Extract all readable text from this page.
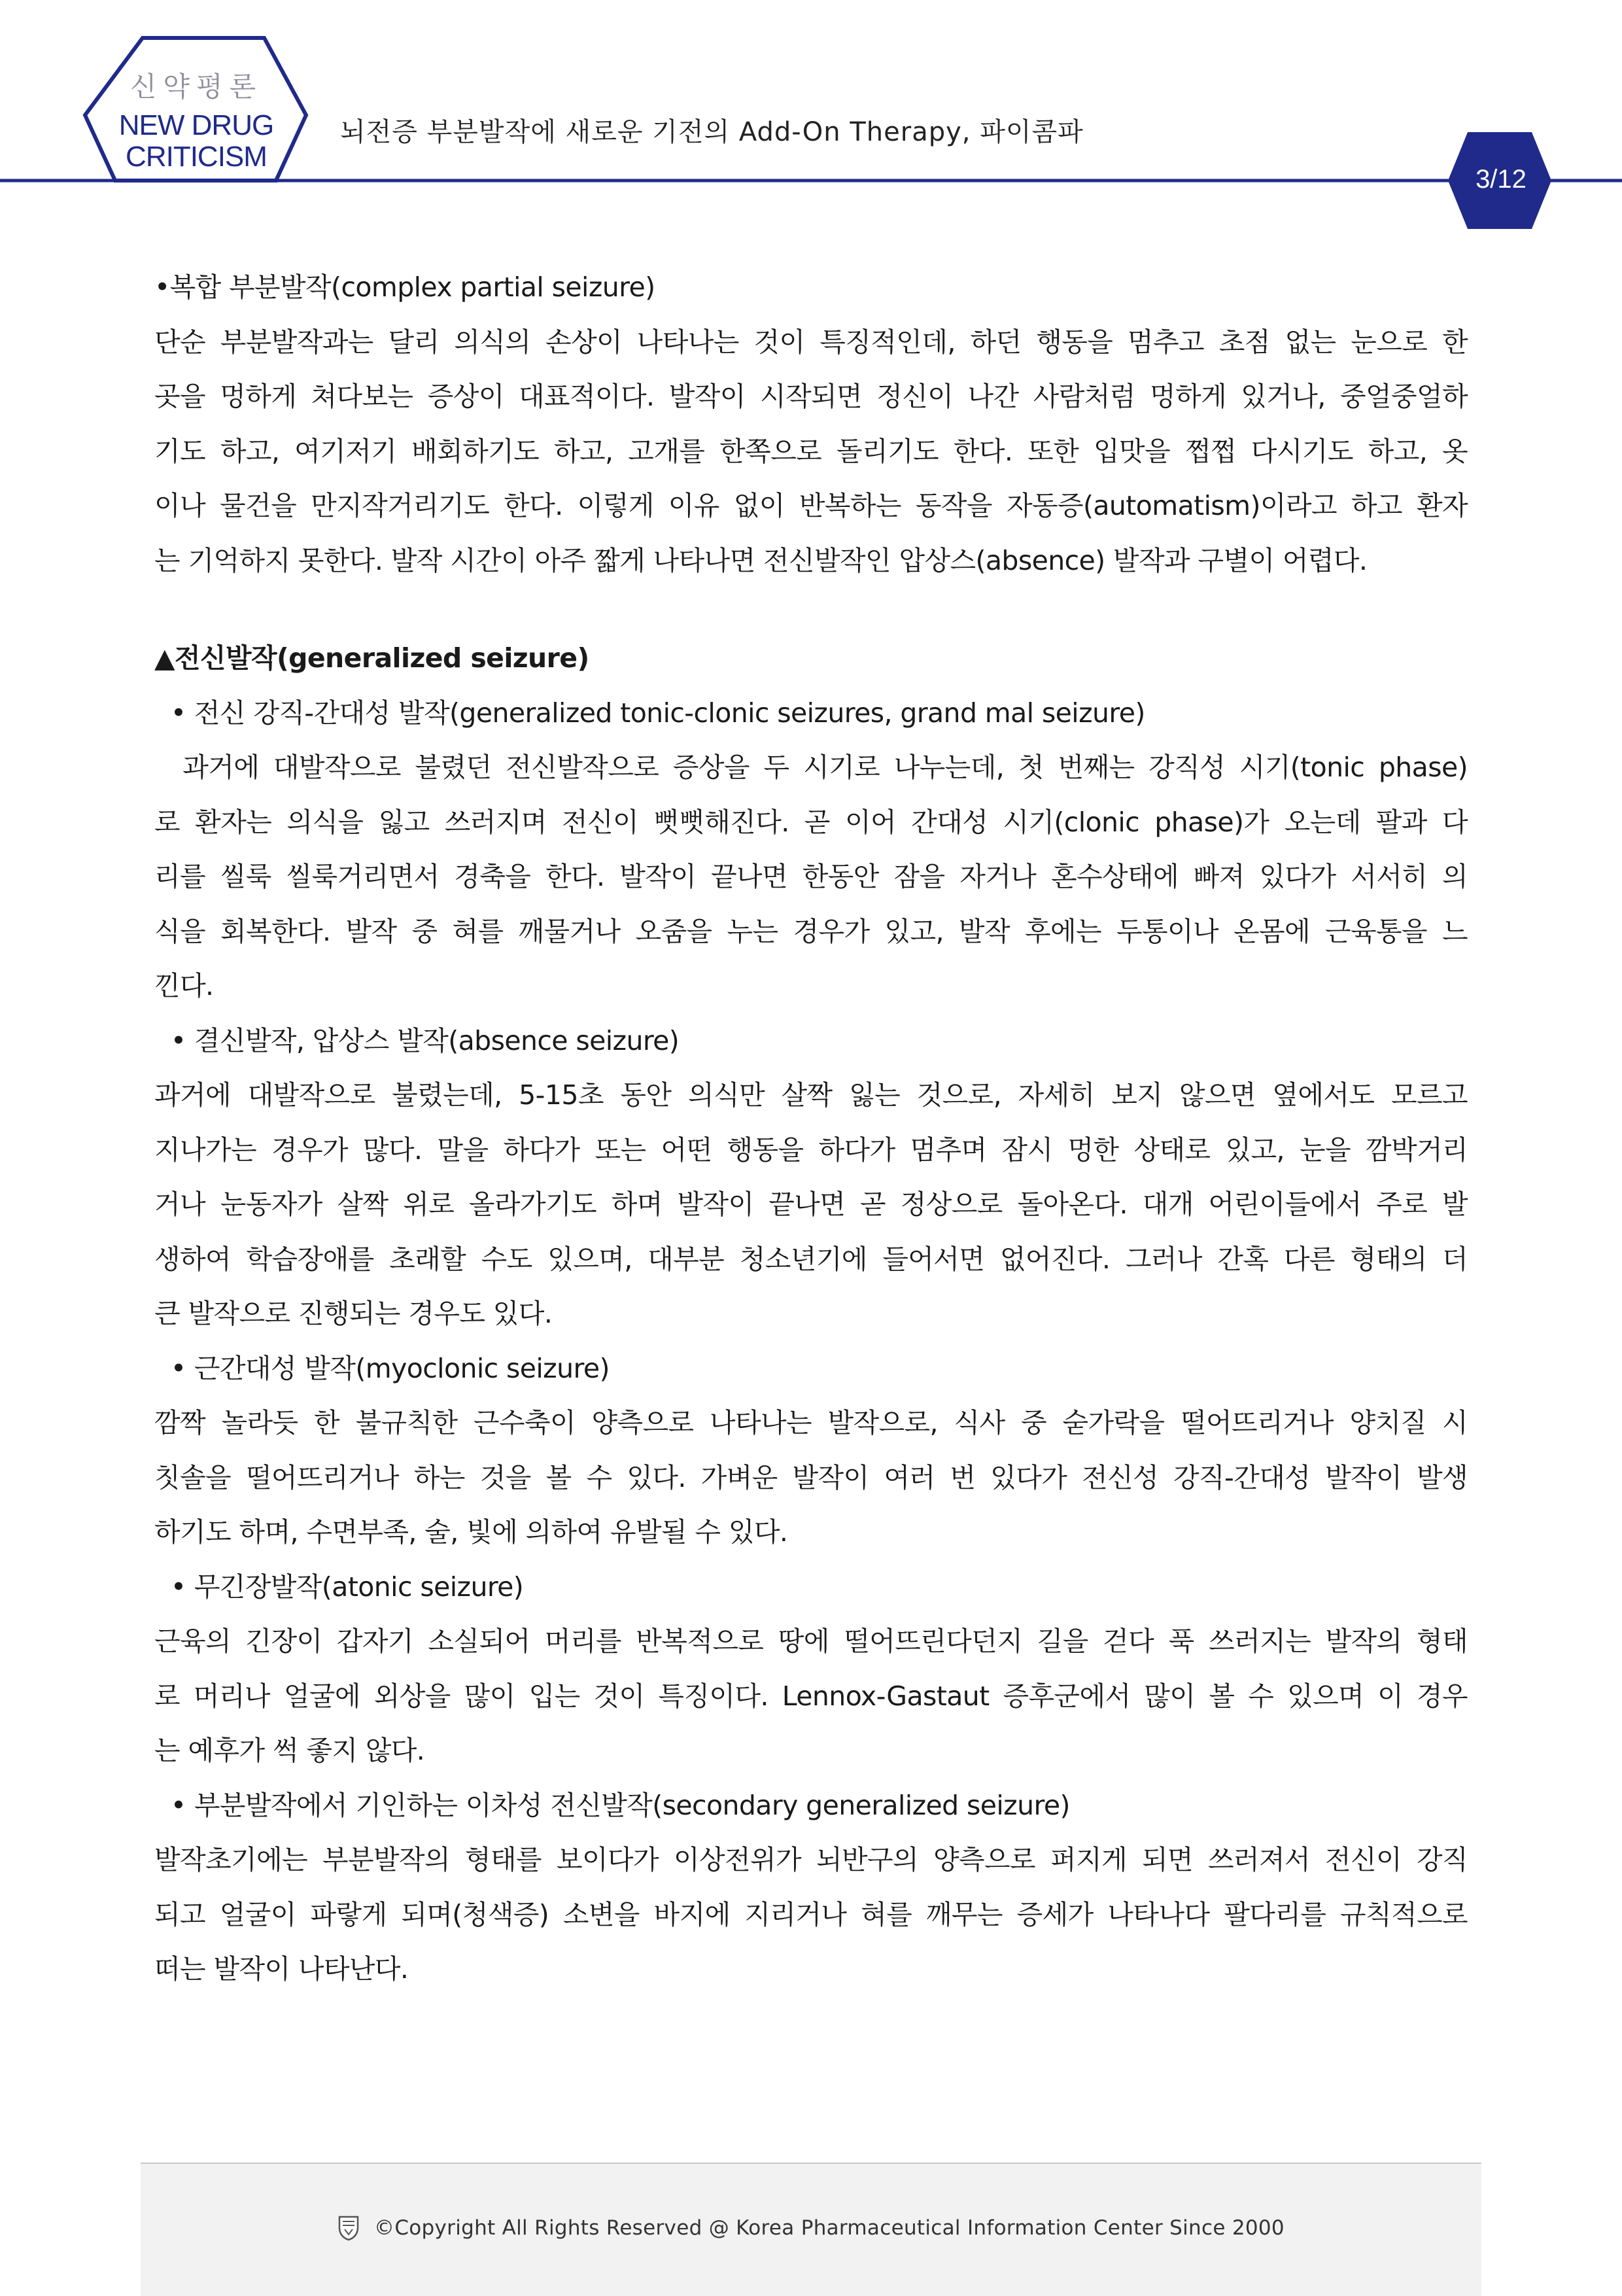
신약평론
NEW DRUG
CRITICISM
뇌전증 부분발작에 새로운 기전의 Add-On Therapy, 파이콤파
3/12

•복합 부분발작(complex partial seizure)

단순 부분발작과는 달리 의식의 손상이 나타나는 것이 특징적인데, 하던 행동을 멈추고 초점 없는 눈으로 한

곳을 멍하게 쳐다보는 증상이 대표적이다. 발작이 시작되면 정신이 나간 사람처럼 멍하게 있거나, 중얼중얼하

기도 하고, 여기저기 배회하기도 하고, 고개를 한쪽으로 돌리기도 한다. 또한 입맛을 쩝쩝 다시기도 하고, 옷

이나 물건을 만지작거리기도 한다. 이렇게 이유 없이 반복하는 동작을 자동증(automatism)이라고 하고 환자

는 기억하지 못한다. 발작 시간이 아주 짧게 나타나면 전신발작인 압상스(absence) 발작과 구별이 어렵다.

▲전신발작(generalized seizure)

• 전신 강직-간대성 발작(generalized tonic-clonic seizures, grand mal seizure)

과거에 대발작으로 불렸던 전신발작으로 증상을 두 시기로 나누는데, 첫 번째는 강직성 시기(tonic phase)

로 환자는 의식을 잃고 쓰러지며 전신이 뻣뻣해진다. 곧 이어 간대성 시기(clonic phase)가 오는데 팔과 다

리를 씰룩 씰룩거리면서 경축을 한다. 발작이 끝나면 한동안 잠을 자거나 혼수상태에 빠져 있다가 서서히 의

식을 회복한다. 발작 중 혀를 깨물거나 오줌을 누는 경우가 있고, 발작 후에는 두통이나 온몸에 근육통을 느

낀다.

• 결신발작, 압상스 발작(absence seizure)

과거에 대발작으로 불렸는데, 5-15초 동안 의식만 살짝 잃는 것으로, 자세히 보지 않으면 옆에서도 모르고

지나가는 경우가 많다. 말을 하다가 또는 어떤 행동을 하다가 멈추며 잠시 멍한 상태로 있고, 눈을 깜박거리

거나 눈동자가 살짝 위로 올라가기도 하며 발작이 끝나면 곧 정상으로 돌아온다. 대개 어린이들에서 주로 발

생하여 학습장애를 초래할 수도 있으며, 대부분 청소년기에 들어서면 없어진다. 그러나 간혹 다른 형태의 더

큰 발작으로 진행되는 경우도 있다.

• 근간대성 발작(myoclonic seizure)

깜짝 놀라듯 한 불규칙한 근수축이 양측으로 나타나는 발작으로, 식사 중 숟가락을 떨어뜨리거나 양치질 시

칫솔을 떨어뜨리거나 하는 것을 볼 수 있다. 가벼운 발작이 여러 번 있다가 전신성 강직-간대성 발작이 발생

하기도 하며, 수면부족, 술, 빛에 의하여 유발될 수 있다.

• 무긴장발작(atonic seizure)

근육의 긴장이 갑자기 소실되어 머리를 반복적으로 땅에 떨어뜨린다던지 길을 걷다 푹 쓰러지는 발작의 형태

로 머리나 얼굴에 외상을 많이 입는 것이 특징이다. Lennox-Gastaut 증후군에서 많이 볼 수 있으며 이 경우

는 예후가 썩 좋지 않다.

• 부분발작에서 기인하는 이차성 전신발작(secondary generalized seizure)

발작초기에는 부분발작의 형태를 보이다가 이상전위가 뇌반구의 양측으로 퍼지게 되면 쓰러져서 전신이 강직

되고 얼굴이 파랗게 되며(청색증) 소변을 바지에 지리거나 혀를 깨무는 증세가 나타나다 팔다리를 규칙적으로

떠는 발작이 나타난다.

©Copyright All Rights Reserved @ Korea Pharmaceutical Information Center Since 2000
